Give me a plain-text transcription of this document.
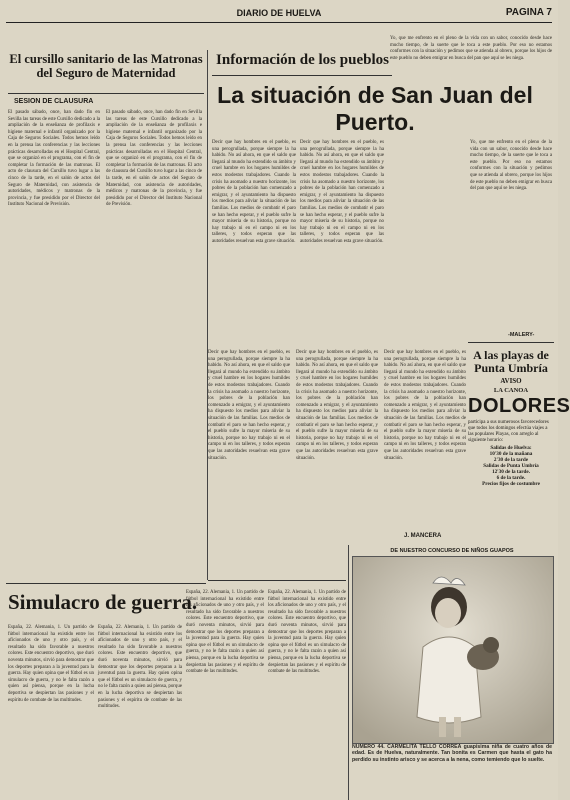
DIARIO DE HUELVA	PAGINA 7
El cursillo sanitario de las Matronas del Seguro de Maternidad
SESION DE CLAUSURA
El pasado sábado, once, han dado fin en Sevilla las tareas de este Cursillo dedicado a la ampliación de la enseñanza de profilaxis e higiene maternal e infantil organizado por la Caja de Seguros Sociales. Todos hemos leído en la prensa las conferencias y las lecciones prácticas desarrolladas en el Hospital Central, que se organizó en el programa, con el fin de completar la formación de las matronas. El acto de clausura del Cursillo tuvo lugar a las cinco de la tarde, en el salón de actos del Seguro de Maternidad, con asistencia de autoridades, médicos y matronas de la provincia, y fue presidido por el Director del Instituto Nacional de Previsión.
El pasado sábado, once, han dado fin en Sevilla las tareas de este Cursillo dedicado a la ampliación de la enseñanza de profilaxis e higiene maternal e infantil organizado por la Caja de Seguros Sociales. Todos hemos leído en la prensa las conferencias y las lecciones prácticas desarrolladas en el Hospital Central, que se organizó en el programa, con el fin de completar la formación de las matronas. El acto de clausura del Cursillo tuvo lugar a las cinco de la tarde, en el salón de actos del Seguro de Maternidad, con asistencia de autoridades, médicos y matronas de la provincia, y fue presidido por el Director del Instituto Nacional de Previsión.
Información de los pueblos
La situación de San Juan del Puerto.
Decir que hay hombres en el pueblo, es una perogrullada, porque siempre la ha habido. No así ahora, en que el saldo que llegará al mundo ha extendido su ámbito y cruel hambre en los hogares humildes de estos modestos trabajadores. Cuando la crisis ha asomado a nuestro horizonte, los pobres de la población han comenzado a emigrar, y el ayuntamiento ha dispuesto los medios para aliviar la situación de las familias. Los medios de combatir el paro se han hecho esperar, y el pueblo sufre la mayor miseria de su historia, porque no hay trabajo ni en el campo ni en los talleres, y todos esperan que las autoridades resuelvan esta grave situación.
Decir que hay hombres en el pueblo, es una perogrullada, porque siempre la ha habido. No así ahora, en que el saldo que llegará al mundo ha extendido su ámbito y cruel hambre en los hogares humildes de estos modestos trabajadores. Cuando la crisis ha asomado a nuestro horizonte, los pobres de la población han comenzado a emigrar, y el ayuntamiento ha dispuesto los medios para aliviar la situación de las familias. Los medios de combatir el paro se han hecho esperar, y el pueblo sufre la mayor miseria de su historia, porque no hay trabajo ni en el campo ni en los talleres, y todos esperan que las autoridades resuelvan esta grave situación.
Decir que hay hombres en el pueblo, es una perogrullada, porque siempre la ha habido. No así ahora, en que el saldo que llegará al mundo ha extendido su ámbito y cruel hambre en los hogares humildes de estos modestos trabajadores. Cuando la crisis ha asomado a nuestro horizonte, los pobres de la población han comenzado a emigrar, y el ayuntamiento ha dispuesto los medios para aliviar la situación de las familias. Los medios de combatir el paro se han hecho esperar, y el pueblo sufre la mayor miseria de su historia, porque no hay trabajo ni en el campo ni en los talleres, y todos esperan que las autoridades resuelvan esta grave situación.
Decir que hay hombres en el pueblo, es una perogrullada, porque siempre la ha habido. No así ahora, en que el saldo que llegará al mundo ha extendido su ámbito y cruel hambre en los hogares humildes de estos modestos trabajadores. Cuando la crisis ha asomado a nuestro horizonte, los pobres de la población han comenzado a emigrar, y el ayuntamiento ha dispuesto los medios para aliviar la situación de las familias. Los medios de combatir el paro se han hecho esperar, y el pueblo sufre la mayor miseria de su historia, porque no hay trabajo ni en el campo ni en los talleres, y todos esperan que las autoridades resuelvan esta grave situación.
Decir que hay hombres en el pueblo, es una perogrullada, porque siempre la ha habido. No así ahora, en que el saldo que llegará al mundo ha extendido su ámbito y cruel hambre en los hogares humildes de estos modestos trabajadores. Cuando la crisis ha asomado a nuestro horizonte, los pobres de la población han comenzado a emigrar, y el ayuntamiento ha dispuesto los medios para aliviar la situación de las familias. Los medios de combatir el paro se han hecho esperar, y el pueblo sufre la mayor miseria de su historia, porque no hay trabajo ni en el campo ni en los talleres, y todos esperan que las autoridades resuelvan esta grave situación.
J. MANCERA
Yo, que me enfrento en el pleno de la vida con un sabor, conocido desde hace mucho tiempo, de la suerte que le toca a este pueblo. Por eso no estamos conformes con la situación y pedimos que se atienda al obrero, porque los hijos de este pueblo no deben emigrar en busca del pan que aquí se les niega.
Yo, que me enfrento en el pleno de la vida con un sabor, conocido desde hace mucho tiempo, de la suerte que le toca a este pueblo. Por eso no estamos conformes con la situación y pedimos que se atienda al obrero, porque los hijos de este pueblo no deben emigrar en busca del pan que aquí se les niega.
-MALERY-
A las playas de Punta Umbría
AVISO
LA CANOA
DOLORES
participa a sus numerosos favorecedores que todos los domingos efectúa viajes a las populares Playas, con arreglo al siguiente horario:
Salidas de Huelva:
10'30 de la mañana
2'30 de la tarde
Salidas de Punta Umbría
12'30 de la tarde.
6 de la tarde.
Precios fijos de costumbre
DE NUESTRO CONCURSO DE NIÑOS GUAPOS
NUMERO 44. CARMELITA TELLO CORREA guapisima niña de cuatro años de edad. Es de Huelva, naturalmente. Tan bonita es Carmen que hasta el gato ha perdido su instinto arisco y se acerca a la nena, como temiendo que lo suelte.
Simulacro de guerra.
España, 22. Alemania, 1. Un partido de fútbol internacional ha existido entre los aficionados de uno y otro país, y el resultado ha sido favorable a nuestros colores. Este encuentro deportivo, que duró noventa minutos, sirvió para demostrar que los deportes preparan a la juventud para la guerra. Hay quien opina que el fútbol es un simulacro de guerra, y no le falta razón a quien así piensa, porque en la lucha deportiva se despiertan las pasiones y el espíritu de combate de las multitudes.
España, 22. Alemania, 1. Un partido de fútbol internacional ha existido entre los aficionados de uno y otro país, y el resultado ha sido favorable a nuestros colores. Este encuentro deportivo, que duró noventa minutos, sirvió para demostrar que los deportes preparan a la juventud para la guerra. Hay quien opina que el fútbol es un simulacro de guerra, y no le falta razón a quien así piensa, porque en la lucha deportiva se despiertan las pasiones y el espíritu de combate de las multitudes.
España, 22. Alemania, 1. Un partido de fútbol internacional ha existido entre los aficionados de uno y otro país, y el resultado ha sido favorable a nuestros colores. Este encuentro deportivo, que duró noventa minutos, sirvió para demostrar que los deportes preparan a la juventud para la guerra. Hay quien opina que el fútbol es un simulacro de guerra, y no le falta razón a quien así piensa, porque en la lucha deportiva se despiertan las pasiones y el espíritu de combate de las multitudes.
España, 22. Alemania, 1. Un partido de fútbol internacional ha existido entre los aficionados de uno y otro país, y el resultado ha sido favorable a nuestros colores. Este encuentro deportivo, que duró noventa minutos, sirvió para demostrar que los deportes preparan a la juventud para la guerra. Hay quien opina que el fútbol es un simulacro de guerra, y no le falta razón a quien así piensa, porque en la lucha deportiva se despiertan las pasiones y el espíritu de combate de las multitudes.
